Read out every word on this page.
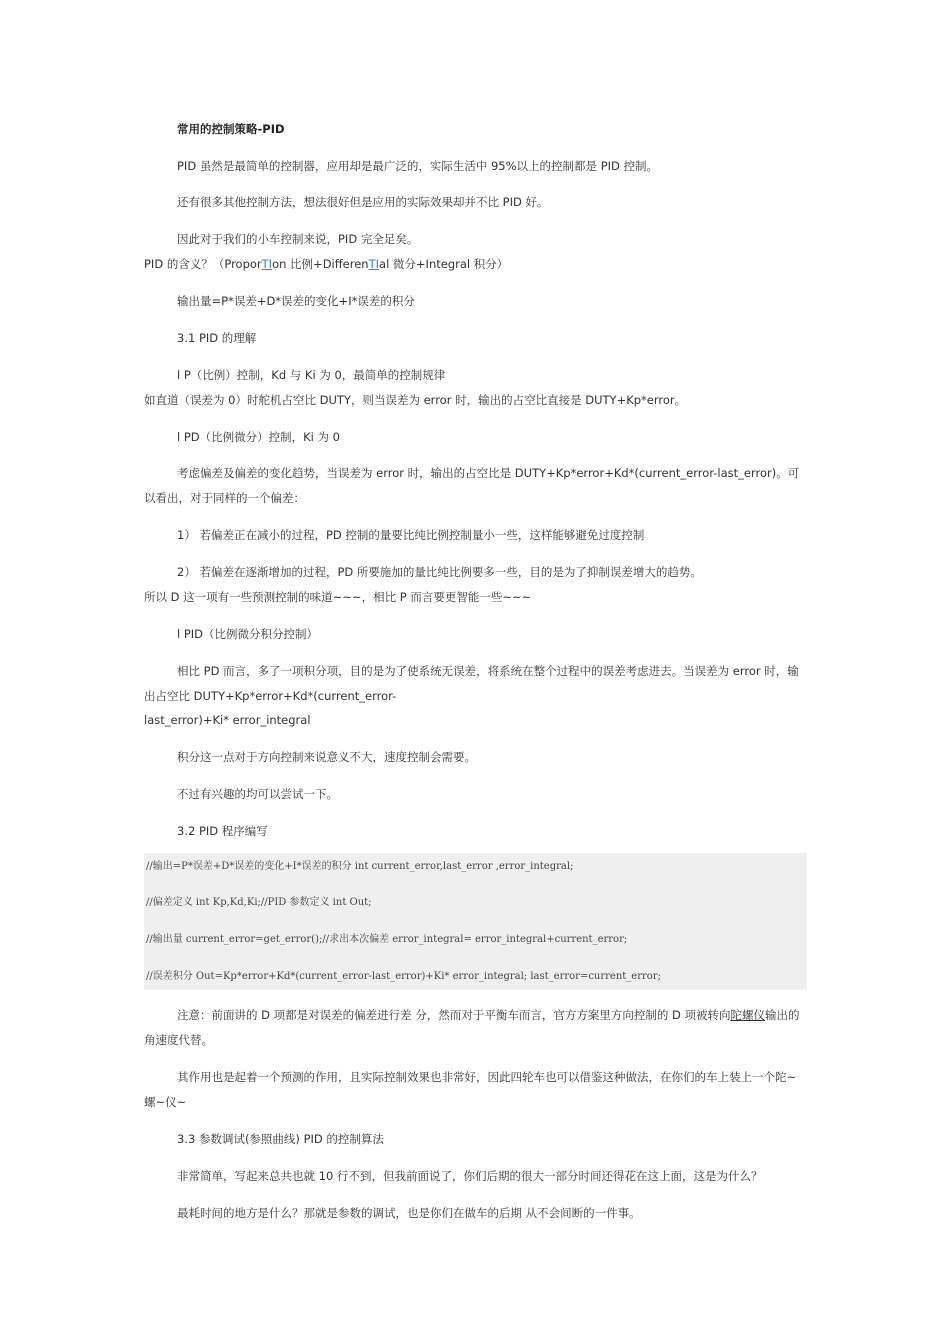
常用的控制策略-PID
PID 虽然是最简单的控制器，应用却是最广泛的，实际生活中 95%以上的控制都是 PID 控制。
还有很多其他控制方法，想法很好但是应用的实际效果却并不比 PID 好。
因此对于我们的小车控制来说，PID 完全足矣。
PID 的含义？（ProporTIon 比例+DifferenTIal 微分+Integral 积分）
输出量=P*误差+D*误差的变化+I*误差的积分
3.1 PID 的理解
l P（比例）控制，Kd 与 Ki 为 0，最简单的控制规律
如直道（误差为 0）时舵机占空比 DUTY，则当误差为 error 时，输出的占空比直接是 DUTY+Kp*error。
l PD（比例微分）控制，Ki 为 0
考虑偏差及偏差的变化趋势，当误差为 error 时，输出的占空比是 DUTY+Kp*error+Kd*(current_error-last_error)。可
以看出，对于同样的一个偏差：
1） 若偏差正在减小的过程，PD 控制的量要比纯比例控制量小一些，这样能够避免过度控制
2） 若偏差在逐渐增加的过程，PD 所要施加的量比纯比例要多一些，目的是为了抑制误差增大的趋势。
所以 D 这一项有一些预测控制的味道~~~，相比 P 而言要更智能一些~~~
l PID（比例微分积分控制）
相比 PD 而言，多了一项积分项，目的是为了使系统无误差，将系统在整个过程中的误差考虑进去。当误差为 error 时，输
出占空比 DUTY+Kp*error+Kd*(current_error-
last_error)+Ki* error_integral
积分这一点对于方向控制来说意义不大，速度控制会需要。
不过有兴趣的均可以尝试一下。
3.2 PID 程序编写
//输出=P*误差+D*误差的变化+I*误差的积分 int current_error,last_error ,error_integral;
//偏差定义 int Kp,Kd,Ki;//PID 参数定义 int Out;
//输出量 current_error=get_error();//求出本次偏差 error_integral= error_integral+current_error;
//误差积分 Out=Kp*error+Kd*(current_error-last_error)+Ki* error_integral; last_error=current_error;
注意：前面讲的 D 项都是对误差的偏差进行差 分，然而对于平衡车而言，官方方案里方向控制的 D 项被转向陀螺仪输出的
角速度代替。
其作用也是起着一个预测的作用，且实际控制效果也非常好，因此四轮车也可以借鉴这种做法，在你们的车上装上一个陀~
螺~仪~
3.3 参数调试(参照曲线) PID 的控制算法
非常简单，写起来总共也就 10 行不到，但我前面说了，你们后期的很大一部分时间还得花在这上面，这是为什么？
最耗时间的地方是什么？那就是参数的调试，也是你们在做车的后期 从不会间断的一件事。
